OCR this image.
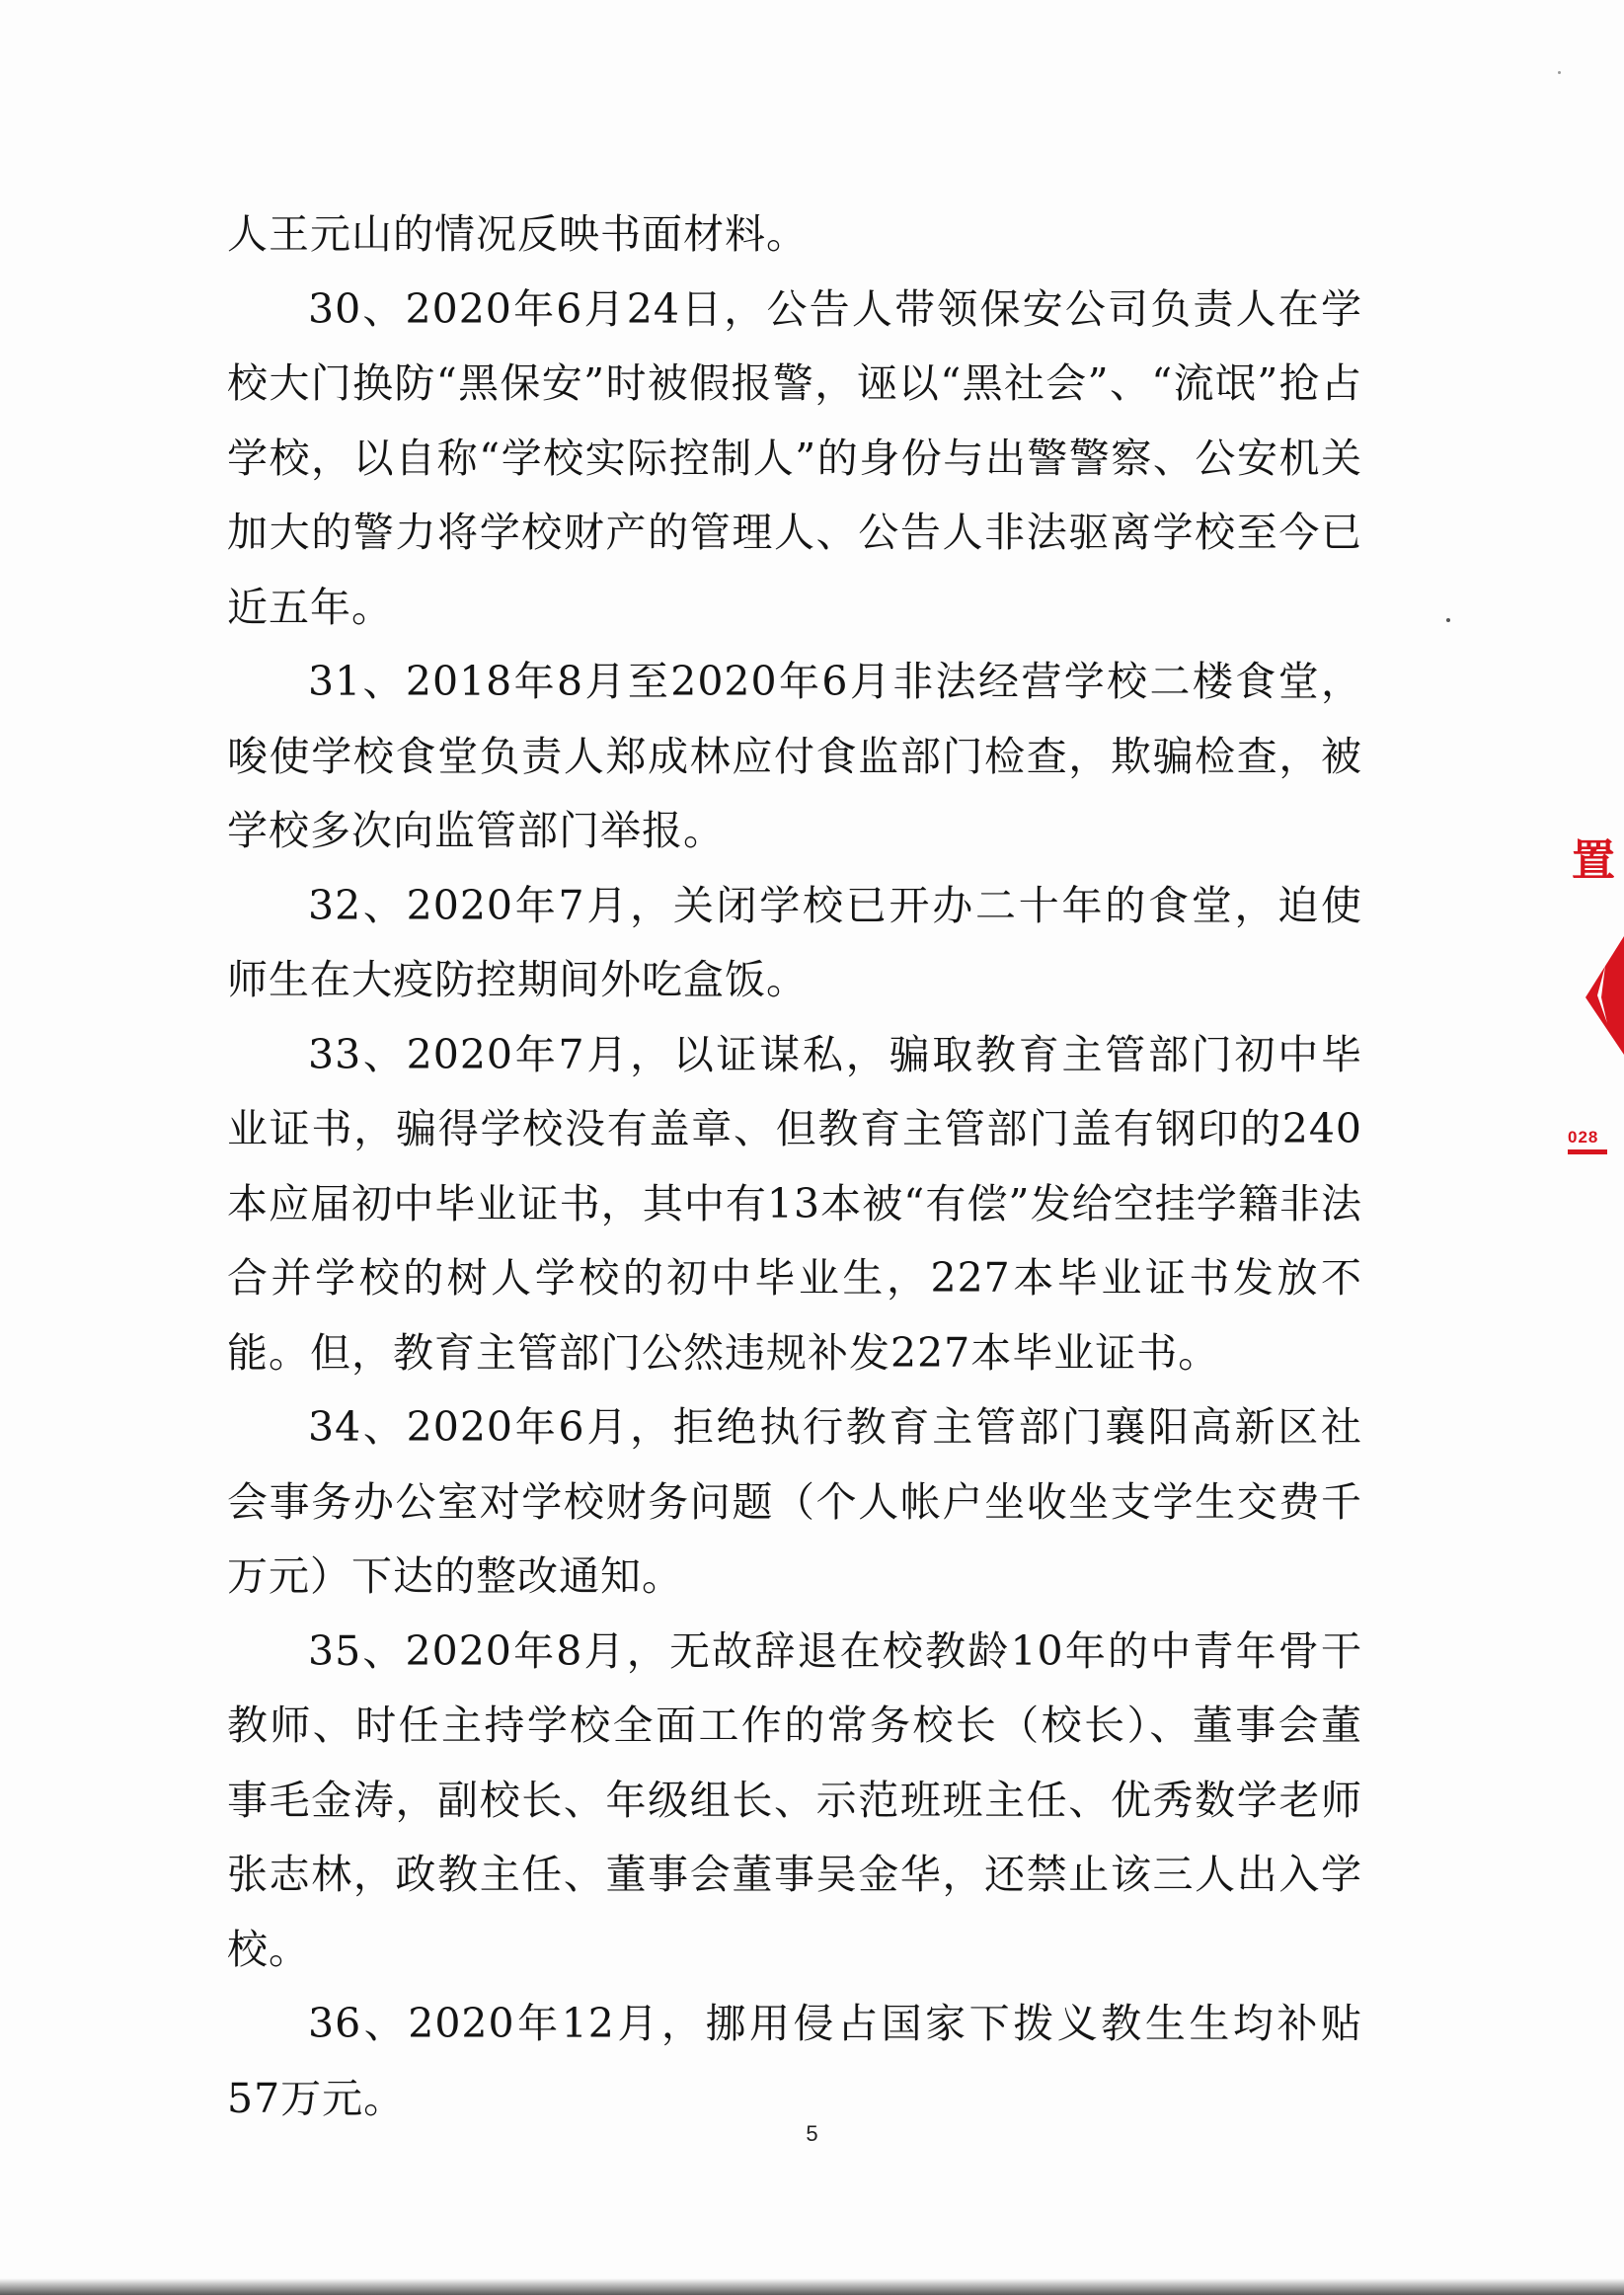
人王元山的情况反映书面材料。

30、2020年6月24日，公告人带领保安公司负责人在学校大门换防“黑保安”时被假报警，诬以“黑社会”、“流氓”抢占学校，以自称“学校实际控制人”的身份与出警警察、公安机关加大的警力将学校财产的管理人、公告人非法驱离学校至今已近五年。

31、2018年8月至2020年6月非法经营学校二楼食堂，唆使学校食堂负责人郑成林应付食监部门检查，欺骗检查，被学校多次向监管部门举报。

32、2020年7月，关闭学校已开办二十年的食堂，迫使师生在大疫防控期间外吃盒饭。

33、2020年7月，以证谋私，骗取教育主管部门初中毕业证书，骗得学校没有盖章、但教育主管部门盖有钢印的240本应届初中毕业证书，其中有13本被“有偿”发给空挂学籍非法合并学校的树人学校的初中毕业生，227本毕业证书发放不能。但，教育主管部门公然违规补发227本毕业证书。

34、2020年6月，拒绝执行教育主管部门襄阳高新区社会事务办公室对学校财务问题（个人帐户坐收坐支学生交费千万元）下达的整改通知。

35、2020年8月，无故辞退在校教龄10年的中青年骨干教师、时任主持学校全面工作的常务校长（校长）、董事会董事毛金涛，副校长、年级组长、示范班班主任、优秀数学老师张志林，政教主任、董事会董事吴金华，还禁止该三人出入学校。

36、2020年12月，挪用侵占国家下拨义教生生均补贴57万元。

5
置
028
